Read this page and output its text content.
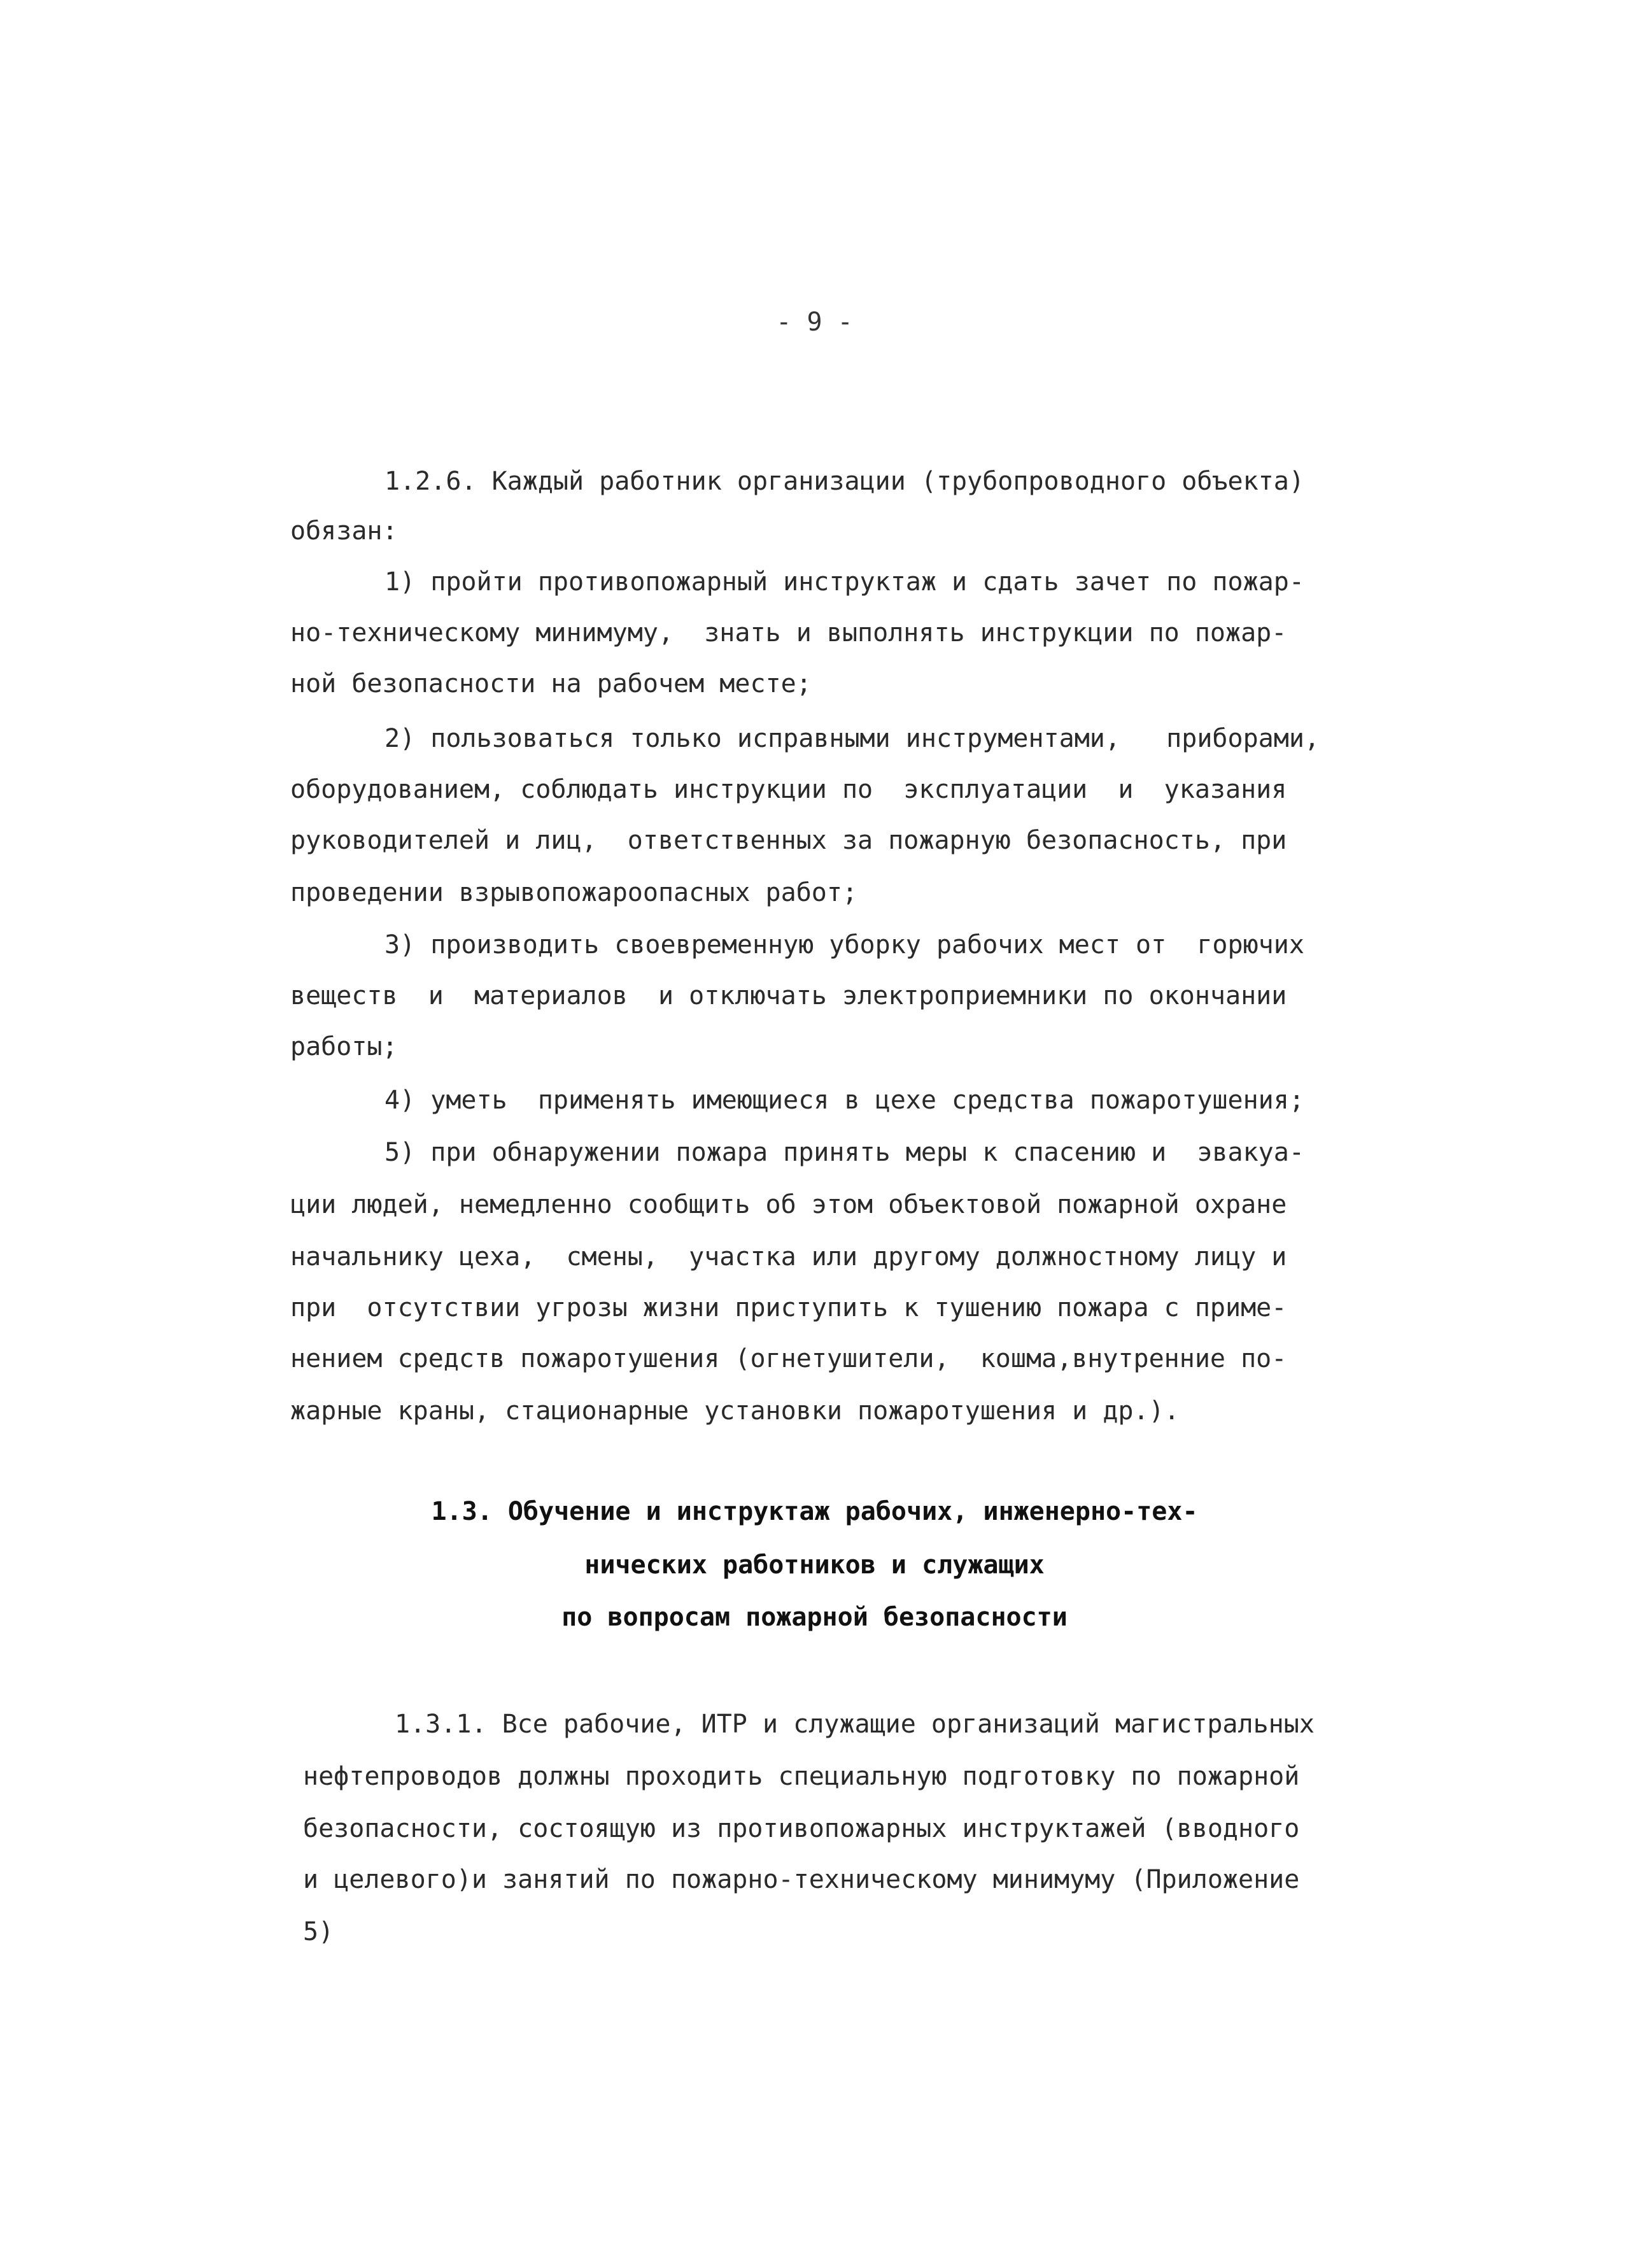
- 9 -
1.2.6. Каждый работник организации (трубопроводного объекта)
обязан:
1) пройти противопожарный инструктаж и сдать зачет по пожар-
но-техническому минимуму,  знать и выполнять инструкции по пожар-
ной безопасности на рабочем месте;
2) пользоваться только исправными инструментами,   приборами,
оборудованием, соблюдать инструкции по  эксплуатации  и  указания
руководителей и лиц,  ответственных за пожарную безопасность, при
проведении взрывопожароопасных работ;
3) производить своевременную уборку рабочих мест от  горючих
веществ  и  материалов  и отключать электроприемники по окончании
работы;
4) уметь  применять имеющиеся в цехе средства пожаротушения;
5) при обнаружении пожара принять меры к спасению и  эвакуа-
ции людей, немедленно сообщить об этом объектовой пожарной охране
начальнику цеха,  смены,  участка или другому должностному лицу и
при  отсутствии угрозы жизни приступить к тушению пожара с приме-
нением средств пожаротушения (огнетушители,  кошма,внутренние по-
жарные краны, стационарные установки пожаротушения и др.).
1.3. Обучение и инструктаж рабочих, инженерно-тех-
нических работников и служащих
по вопросам пожарной безопасности
1.3.1. Все рабочие, ИТР и служащие организаций магистральных
нефтепроводов должны проходить специальную подготовку по пожарной
безопасности, состоящую из противопожарных инструктажей (вводного
и целевого)и занятий по пожарно-техническому минимуму (Приложение
5)
